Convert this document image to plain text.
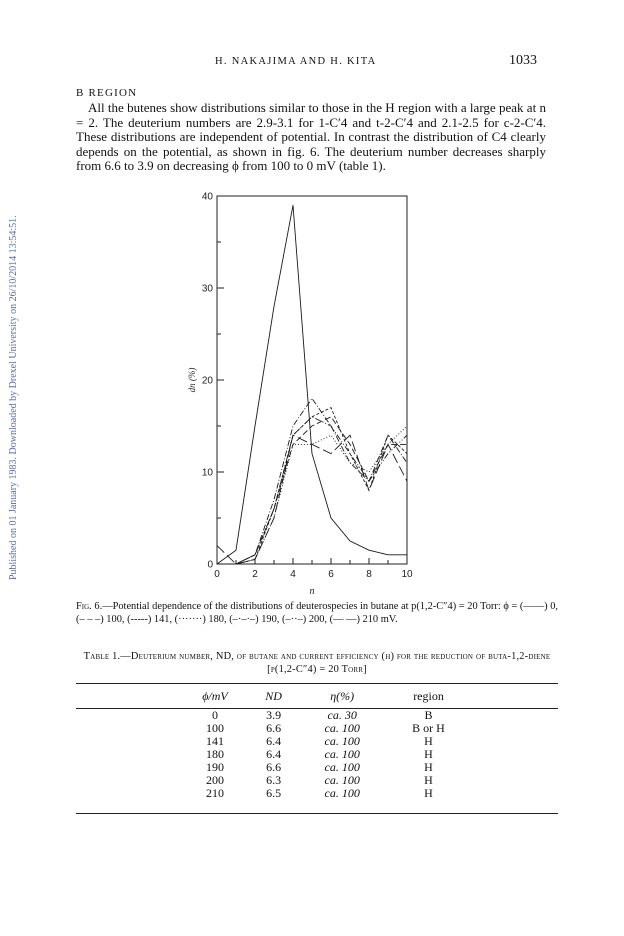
H. NAKAJIMA AND H. KITA	1033
Published on 01 January 1983. Downloaded by Drexel University on 26/10/2014 13:54:51.
B REGION

All the butenes show distributions similar to those in the H region with a large peak at n = 2. The deuterium numbers are 2.9-3.1 for 1-C′4 and t-2-C′4 and 2.1-2.5 for c-2-C′4. These distributions are independent of potential. In contrast the distribution of C4 clearly depends on the potential, as shown in fig. 6. The deuterium number decreases sharply from 6.6 to 3.9 on decreasing ϕ from 100 to 0 mV (table 1).

0
10
20
30
40
0	2	4	6	8	10
n
dn (%)
Fig. 6.—Potential dependence of the distributions of deuterospecies in butane at p(1,2-C″4) = 20 Torr: ϕ = (——) 0, (– – –) 100, (-----) 141, (·······) 180, (–·–·–) 190, (–··–) 200, (— —) 210 mV.
Table 1.—Deuterium number, ND, of butane and current efficiency (η) for the reduction of buta-1,2-diene [p(1,2-C″4) = 20 Torr]
ϕ/mV	ND	η(%)	region
0	3.9	ca. 30	B
100	6.6	ca. 100	B or H
141	6.4	ca. 100	H
180	6.4	ca. 100	H
190	6.6	ca. 100	H
200	6.3	ca. 100	H
210	6.5	ca. 100	H
